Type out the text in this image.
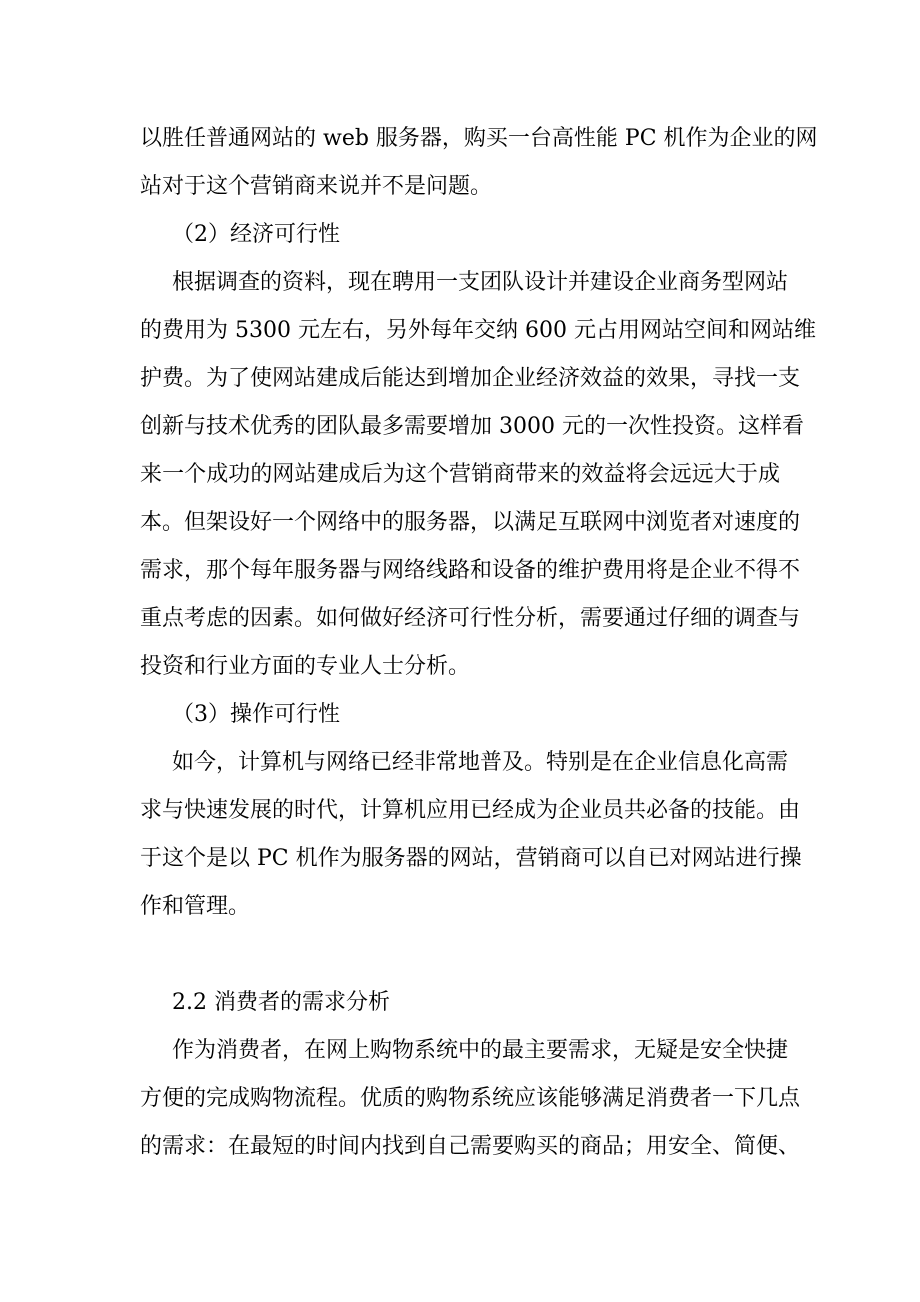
以胜任普通网站的 web 服务器，购买一台高性能 PC 机作为企业的网
站对于这个营销商来说并不是问题。
（2）经济可行性
根据调查的资料，现在聘用一支团队设计并建设企业商务型网站
的费用为 5300 元左右，另外每年交纳 600 元占用网站空间和网站维
护费。为了使网站建成后能达到增加企业经济效益的效果，寻找一支
创新与技术优秀的团队最多需要增加 3000 元的一次性投资。这样看
来一个成功的网站建成后为这个营销商带来的效益将会远远大于成
本。但架设好一个网络中的服务器，以满足互联网中浏览者对速度的
需求，那个每年服务器与网络线路和设备的维护费用将是企业不得不
重点考虑的因素。如何做好经济可行性分析，需要通过仔细的调查与
投资和行业方面的专业人士分析。
（3）操作可行性
如今，计算机与网络已经非常地普及。特别是在企业信息化高需
求与快速发展的时代，计算机应用已经成为企业员共必备的技能。由
于这个是以 PC 机作为服务器的网站，营销商可以自已对网站进行操
作和管理。
2.2 消费者的需求分析
作为消费者，在网上购物系统中的最主要需求，无疑是安全快捷
方便的完成购物流程。优质的购物系统应该能够满足消费者一下几点
的需求：在最短的时间内找到自己需要购买的商品；用安全、简便、
